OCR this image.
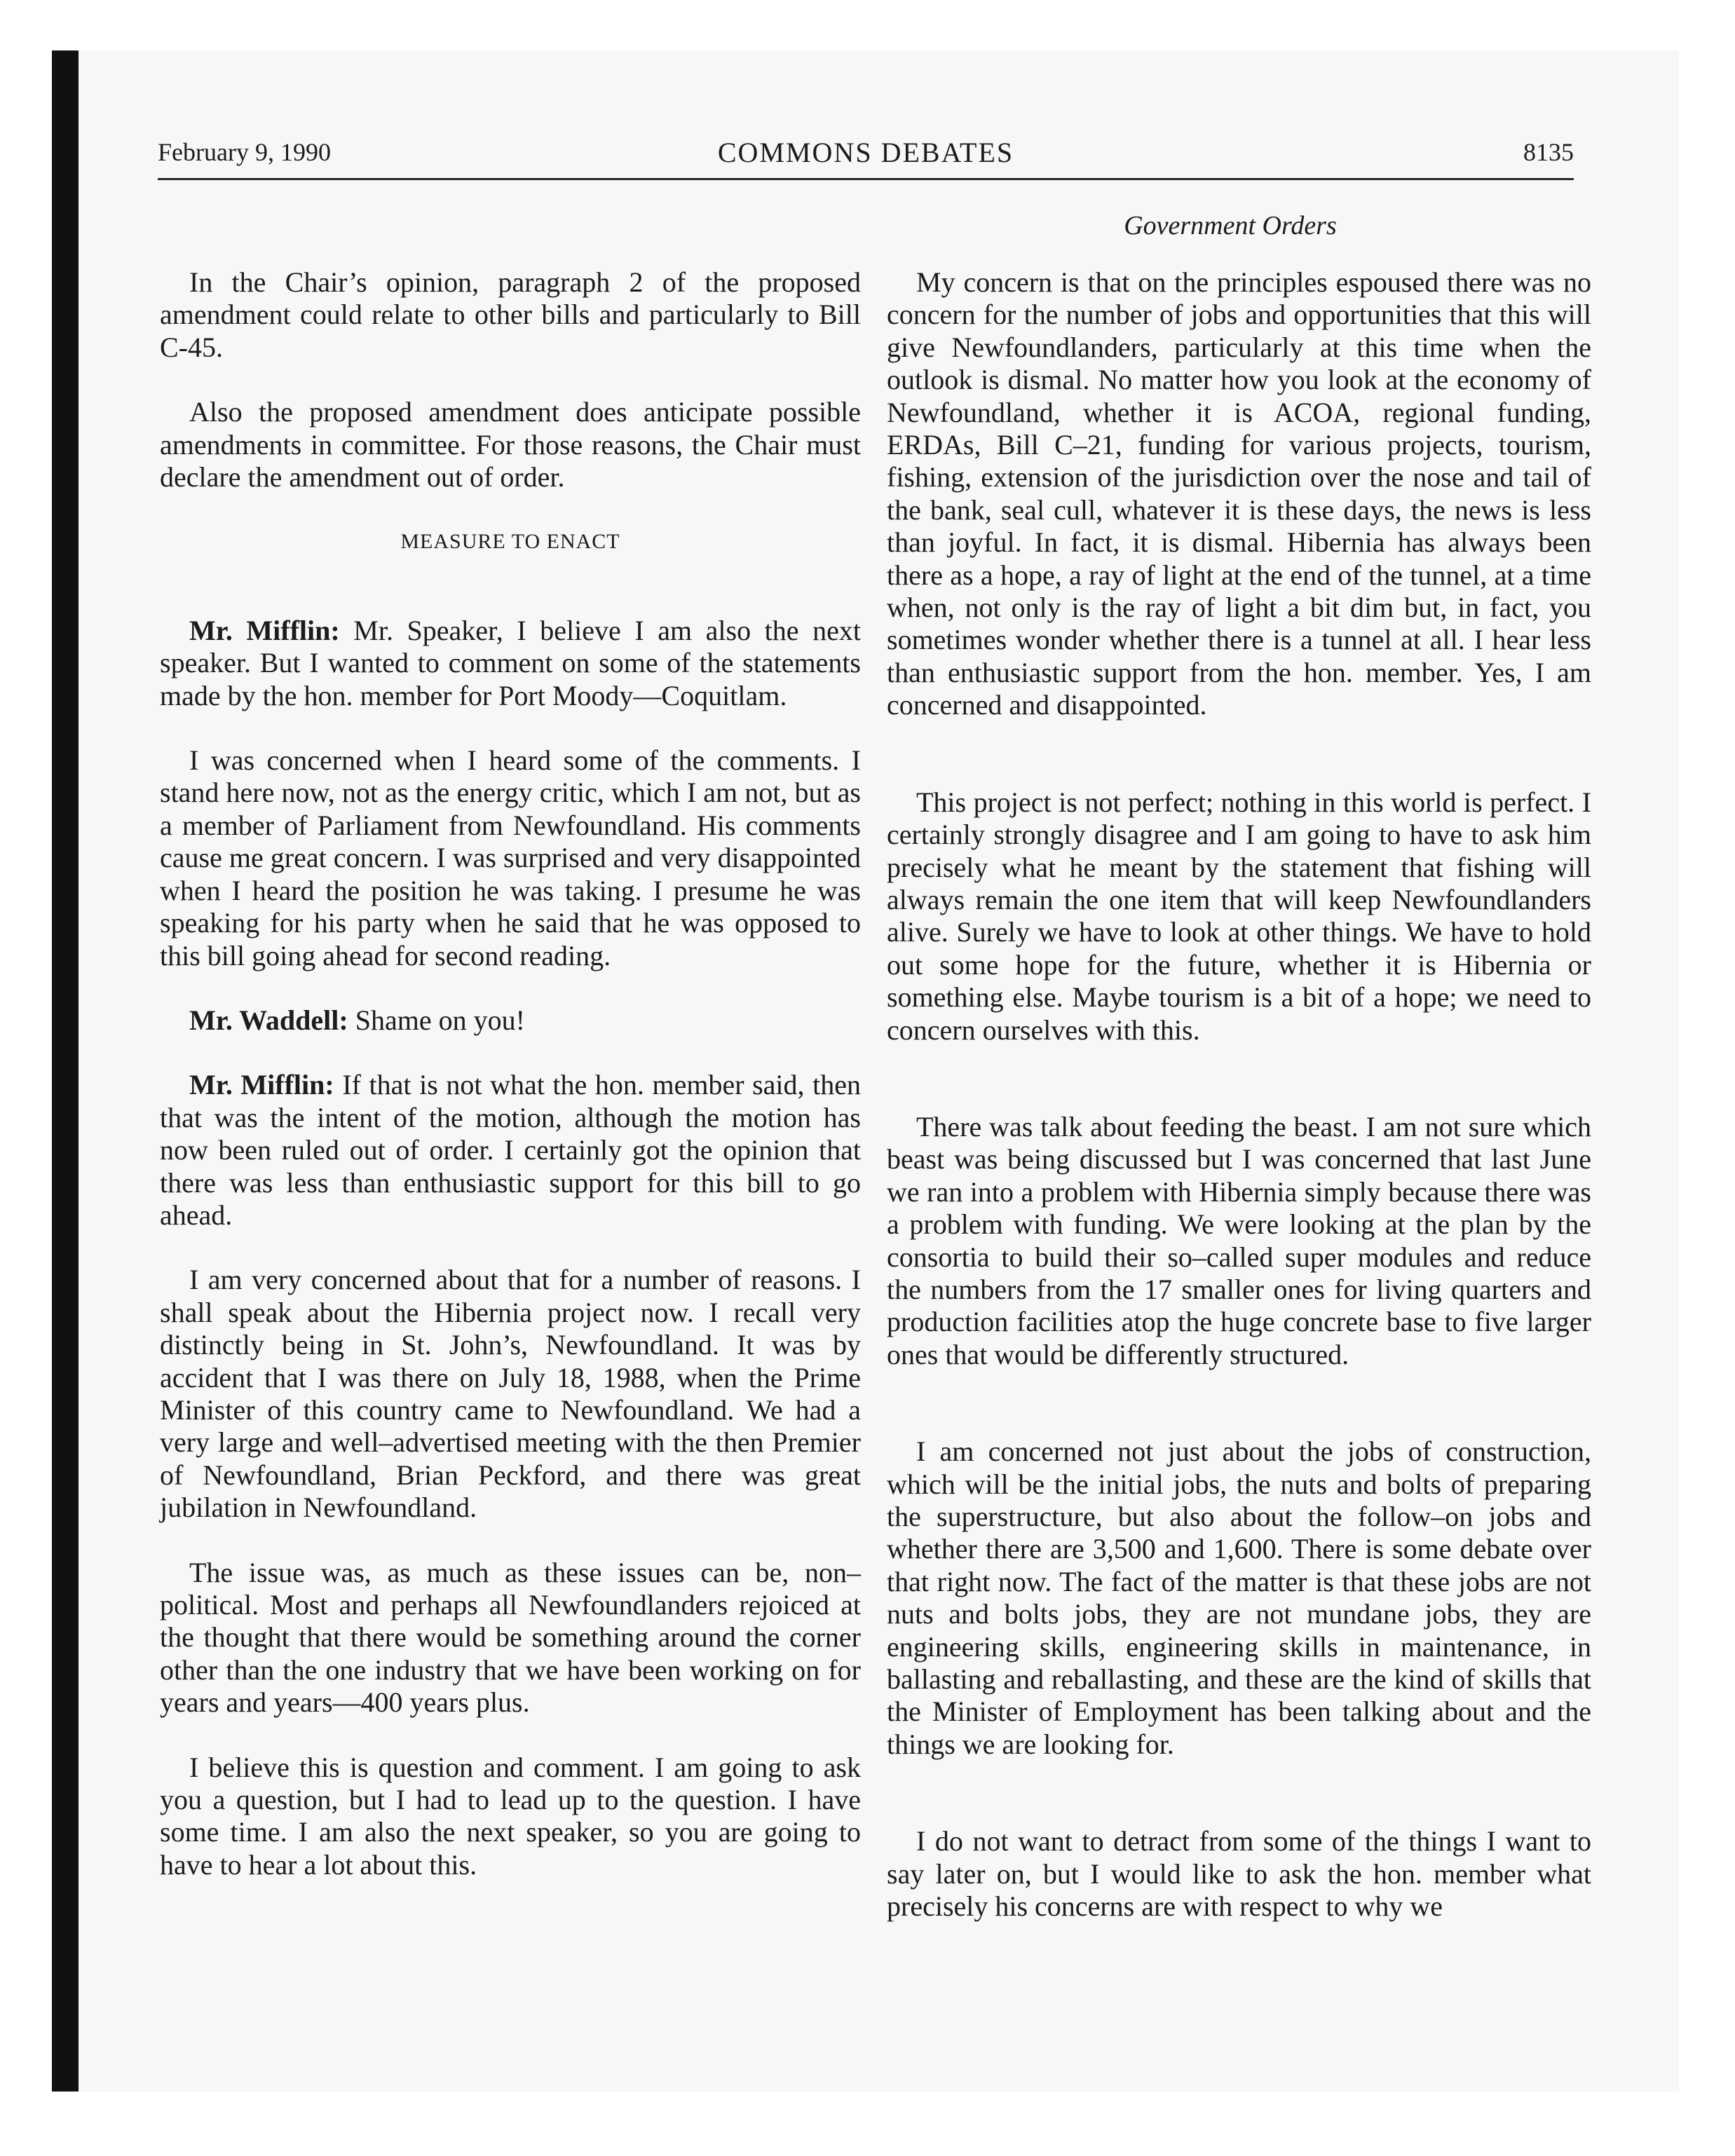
February 9, 1990	COMMONS DEBATES	8135
Government Orders

In the Chair’s opinion, paragraph 2 of the proposed amendment could relate to other bills and particularly to Bill C-45.

Also the proposed amendment does anticipate possible amendments in committee. For those reasons, the Chair must declare the amendment out of order.

MEASURE TO ENACT

Mr. Mifflin: Mr. Speaker, I believe I am also the next speaker. But I wanted to comment on some of the statements made by the hon. member for Port Moody—Coquitlam.

I was concerned when I heard some of the comments. I stand here now, not as the energy critic, which I am not, but as a member of Parliament from Newfoundland. His comments cause me great concern. I was surprised and very disappointed when I heard the position he was taking. I presume he was speaking for his party when he said that he was opposed to this bill going ahead for second reading.

Mr. Waddell: Shame on you!

Mr. Mifflin: If that is not what the hon. member said, then that was the intent of the motion, although the motion has now been ruled out of order. I certainly got the opinion that there was less than enthusiastic support for this bill to go ahead.

I am very concerned about that for a number of reasons. I shall speak about the Hibernia project now. I recall very distinctly being in St. John’s, Newfoundland. It was by accident that I was there on July 18, 1988, when the Prime Minister of this country came to Newfoundland. We had a very large and well–advertised meeting with the then Premier of Newfoundland, Brian Peckford, and there was great jubilation in Newfoundland.

The issue was, as much as these issues can be, non–political. Most and perhaps all Newfoundlanders rejoiced at the thought that there would be something around the corner other than the one industry that we have been working on for years and years—400 years plus.

I believe this is question and comment. I am going to ask you a question, but I had to lead up to the question. I have some time. I am also the next speaker, so you are going to have to hear a lot about this.

My concern is that on the principles espoused there was no concern for the number of jobs and opportunities that this will give Newfoundlanders, particularly at this time when the outlook is dismal. No matter how you look at the economy of Newfoundland, whether it is ACOA, regional funding, ERDAs, Bill C–21, funding for various projects, tourism, fishing, extension of the jurisdiction over the nose and tail of the bank, seal cull, whatever it is these days, the news is less than joyful. In fact, it is dismal. Hibernia has always been there as a hope, a ray of light at the end of the tunnel, at a time when, not only is the ray of light a bit dim but, in fact, you sometimes wonder whether there is a tunnel at all. I hear less than enthusiastic support from the hon. member. Yes, I am concerned and disappointed.

This project is not perfect; nothing in this world is perfect. I certainly strongly disagree and I am going to have to ask him precisely what he meant by the statement that fishing will always remain the one item that will keep Newfoundlanders alive. Surely we have to look at other things. We have to hold out some hope for the future, whether it is Hibernia or something else. Maybe tourism is a bit of a hope; we need to concern ourselves with this.

There was talk about feeding the beast. I am not sure which beast was being discussed but I was concerned that last June we ran into a problem with Hibernia simply because there was a problem with funding. We were looking at the plan by the consortia to build their so–called super modules and reduce the numbers from the 17 smaller ones for living quarters and production facilities atop the huge concrete base to five larger ones that would be differently structured.

I am concerned not just about the jobs of construction, which will be the initial jobs, the nuts and bolts of preparing the superstructure, but also about the follow–on jobs and whether there are 3,500 and 1,600. There is some debate over that right now. The fact of the matter is that these jobs are not nuts and bolts jobs, they are not mundane jobs, they are engineering skills, engineering skills in maintenance, in ballasting and reballasting, and these are the kind of skills that the Minister of Employment has been talking about and the things we are looking for.

I do not want to detract from some of the things I want to say later on, but I would like to ask the hon. member what precisely his concerns are with respect to why we
